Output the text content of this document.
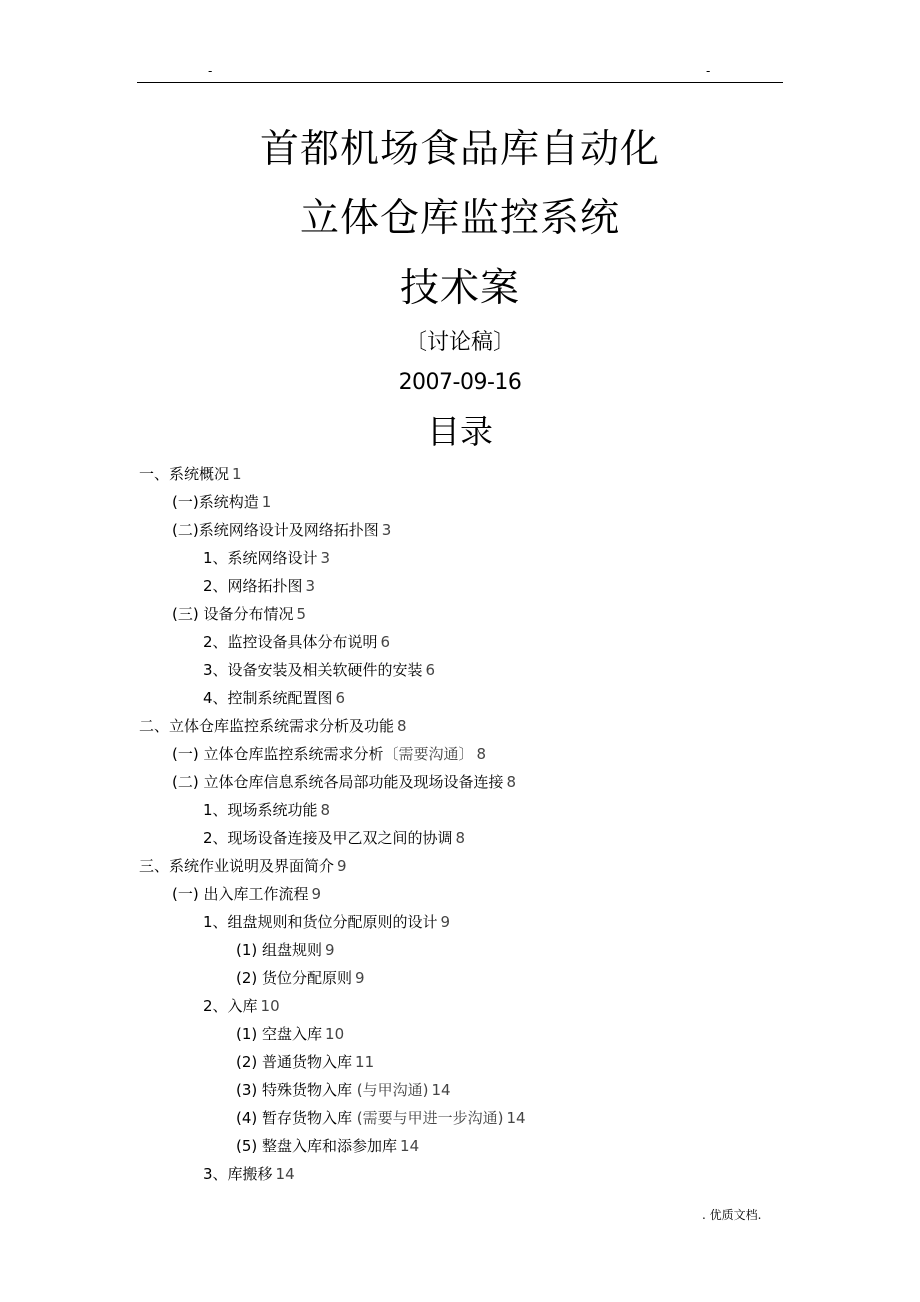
-	-
首都机场食品库自动化
立体仓库监控系统
技术案
〔讨论稿〕
2007-09-16
目录
一、系统概况 1
(一)系统构造 1
(二)系统网络设计及网络拓扑图 3
1、系统网络设计 3
2、网络拓扑图 3
(三) 设备分布情况 5
2、监控设备具体分布说明 6
3、设备安装及相关软硬件的安装 6
4、控制系统配置图 6
二、立体仓库监控系统需求分析及功能 8
(一) 立体仓库监控系统需求分析〔需要沟通〕 8
(二) 立体仓库信息系统各局部功能及现场设备连接 8
1、现场系统功能 8
2、现场设备连接及甲乙双之间的协调 8
三、系统作业说明及界面简介 9
(一) 出入库工作流程 9
1、组盘规则和货位分配原则的设计 9
(1) 组盘规则 9
(2) 货位分配原则 9
2、入库 10
(1) 空盘入库 10
(2) 普通货物入库 11
(3) 特殊货物入库 (与甲沟通) 14
(4) 暂存货物入库 (需要与甲进一步沟通) 14
(5) 整盘入库和添参加库 14
3、库搬移 14
. 优质文档.
